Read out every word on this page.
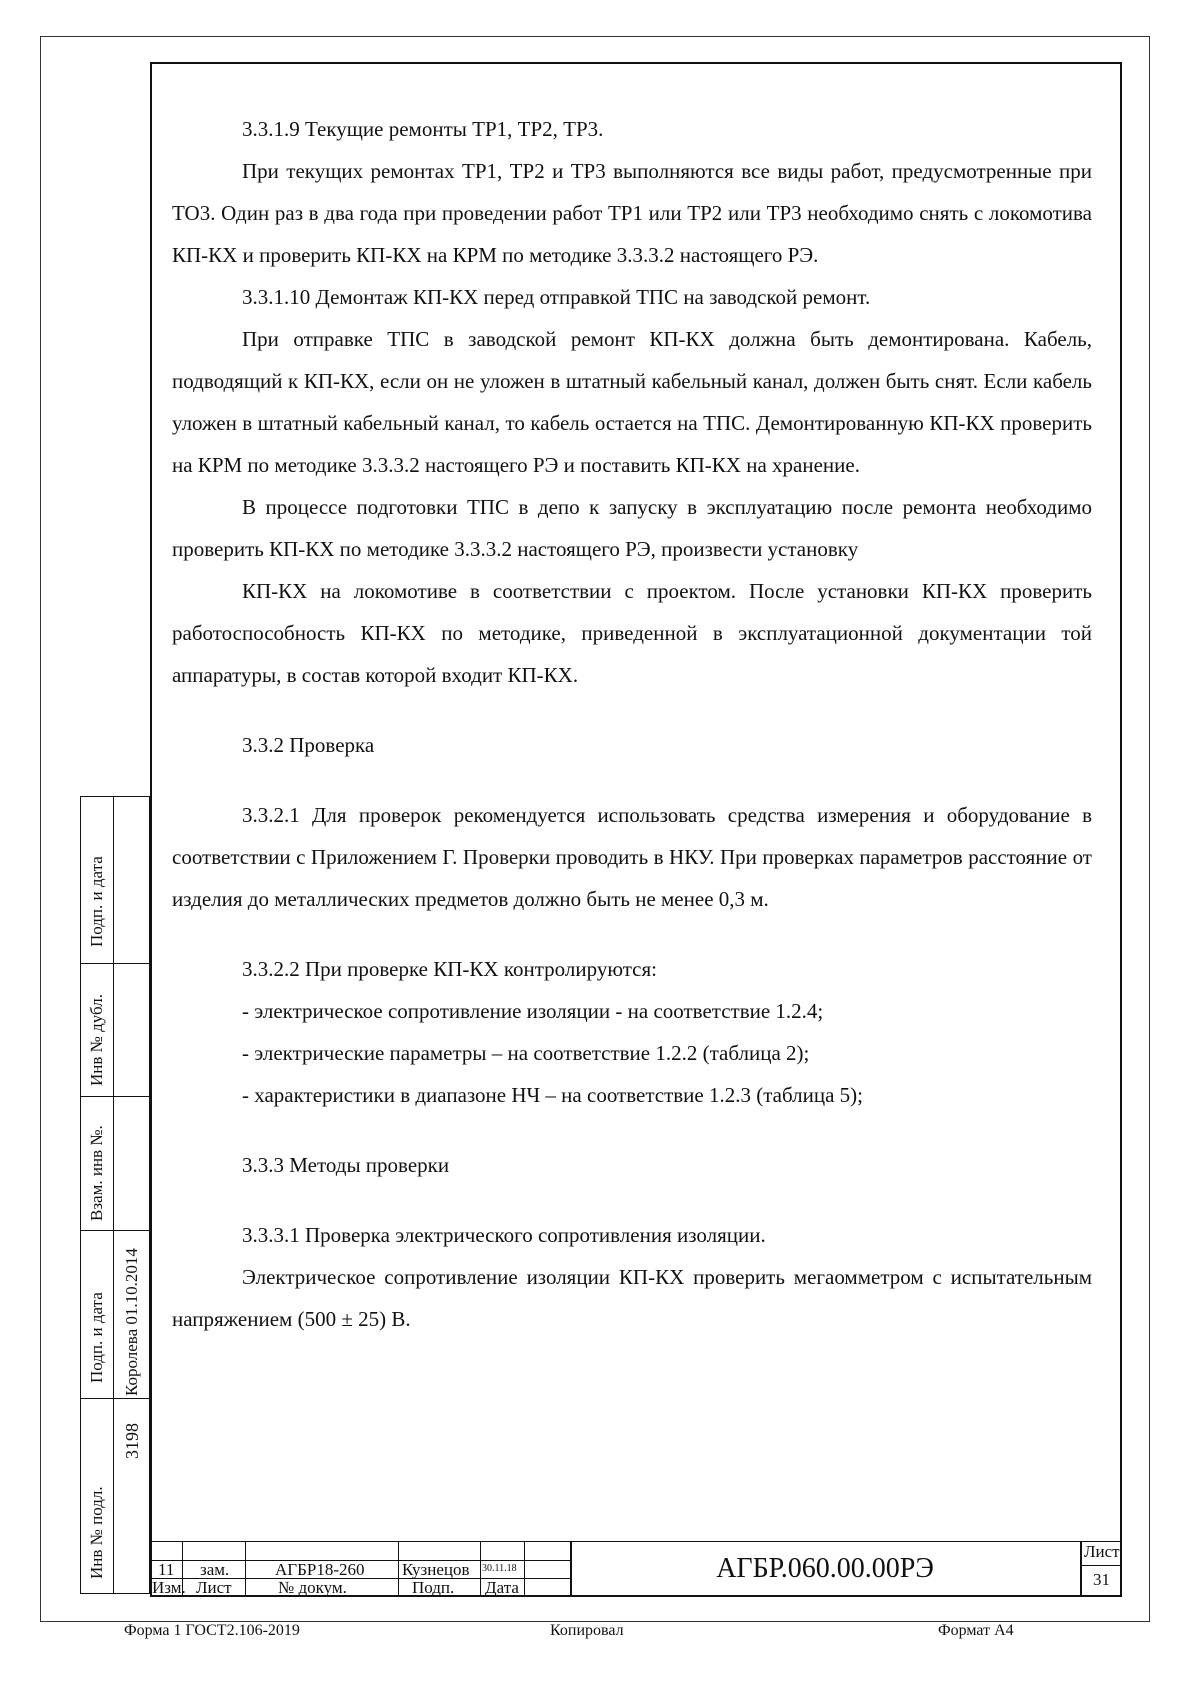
3.3.1.9 Текущие ремонты ТР1, ТР2, ТР3.

При текущих ремонтах ТР1, ТР2 и ТР3 выполняются все виды работ, предусмотренные при ТО3. Один раз в два года при проведении работ ТР1 или ТР2 или ТР3 необходимо снять с локомотива КП-КХ и проверить КП-КХ на КРМ по методике 3.3.3.2 настоящего РЭ.

3.3.1.10 Демонтаж КП-КХ перед отправкой ТПС на заводской ремонт.

При отправке ТПС в заводской ремонт КП-КХ должна быть демонтирована. Кабель, подводящий к КП-КХ, если он не уложен в штатный кабельный канал, должен быть снят. Если кабель уложен в штатный кабельный канал, то кабель остается на ТПС. Демонтированную КП-КХ проверить на КРМ по методике 3.3.3.2 настоящего РЭ и поставить КП-КХ на хранение.

В процессе подготовки ТПС в депо к запуску в эксплуатацию после ремонта необходимо проверить КП-КХ по методике 3.3.3.2 настоящего РЭ, произвести установку

КП-КХ на локомотиве в соответствии с проектом. После установки КП-КХ проверить работоспособность КП-КХ по методике, приведенной в эксплуатационной документации той аппаратуры, в состав которой входит КП-КХ.

3.3.2 Проверка

3.3.2.1 Для проверок рекомендуется использовать средства измерения и оборудование в соответствии с Приложением Г. Проверки проводить в НКУ. При проверках параметров расстояние от изделия до металлических предметов должно быть не менее 0,3 м.

3.3.2.2 При проверке КП-КХ контролируются:

- электрическое сопротивление изоляции - на соответствие 1.2.4;

- электрические параметры – на соответствие 1.2.2 (таблица 2);

- характеристики в диапазоне НЧ – на соответствие 1.2.3 (таблица 5);

3.3.3 Методы проверки

3.3.3.1 Проверка электрического сопротивления изоляции.

Электрическое сопротивление изоляции КП-КХ проверить мегаомметром с испытательным напряжением (500 ± 25) В.

Подп. и дата
Инв № дубл.
Взам. инв №.
Подп. и дата Королева 01.10.2014
Инв № подл.
3198
11 зам.	АГБР18-260 Кузнецов 30.11.18
Изм. Лист	№ докум.	Подп. Дата
АГБР.060.00.00РЭ
Лист
31
Форма 1 ГОСТ2.106-2019	Копировал	Формат А4
